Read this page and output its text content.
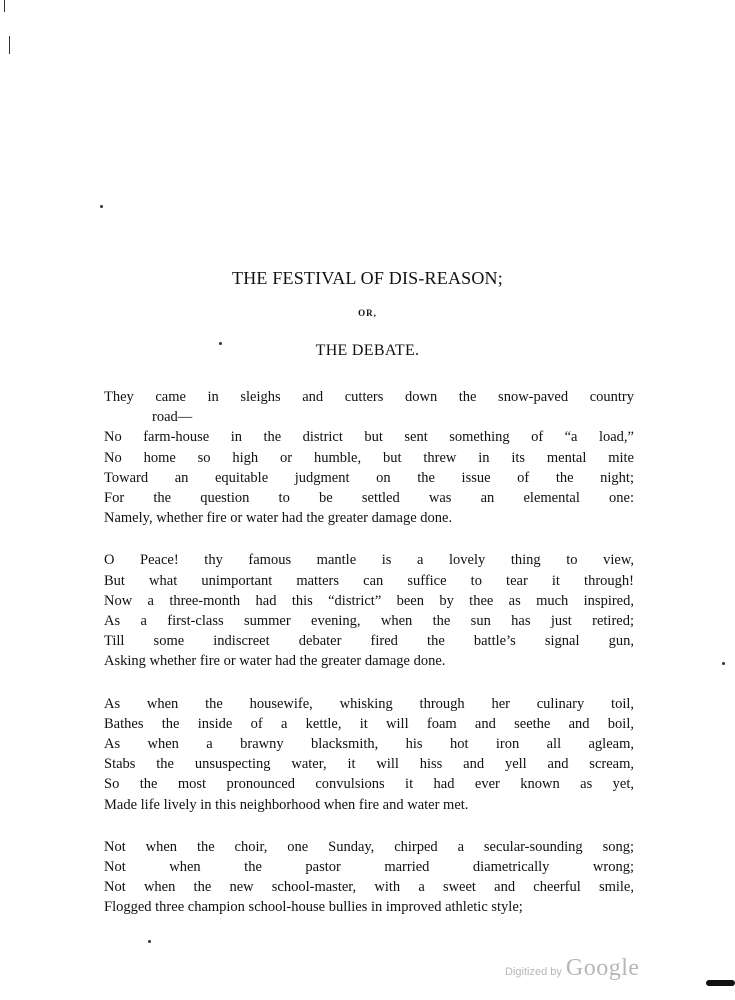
THE FESTIVAL OF DIS-REASON;
OR,
THE DEBATE.
They came in sleighs and cutters down the snow-paved country
road—
No farm-house in the district but sent something of “a load,”
No home so high or humble, but threw in its mental mite
Toward an equitable judgment on the issue of the night;
For the question to be settled was an elemental one:
Namely, whether fire or water had the greater damage done.
O Peace! thy famous mantle is a lovely thing to view,
But what unimportant matters can suffice to tear it through!
Now a three-month had this “district” been by thee as much inspired,
As a first-class summer evening, when the sun has just retired;
Till some indiscreet debater fired the battle’s signal gun,
Asking whether fire or water had the greater damage done.
As when the housewife, whisking through her culinary toil,
Bathes the inside of a kettle, it will foam and seethe and boil,
As when a brawny blacksmith, his hot iron all agleam,
Stabs the unsuspecting water, it will hiss and yell and scream,
So the most pronounced convulsions it had ever known as yet,
Made life lively in this neighborhood when fire and water met.
Not when the choir, one Sunday, chirped a secular-sounding song;
Not when the pastor married diametrically wrong;
Not when the new school-master, with a sweet and cheerful smile,
Flogged three champion school-house bullies in improved athletic style;
Digitized by Google
